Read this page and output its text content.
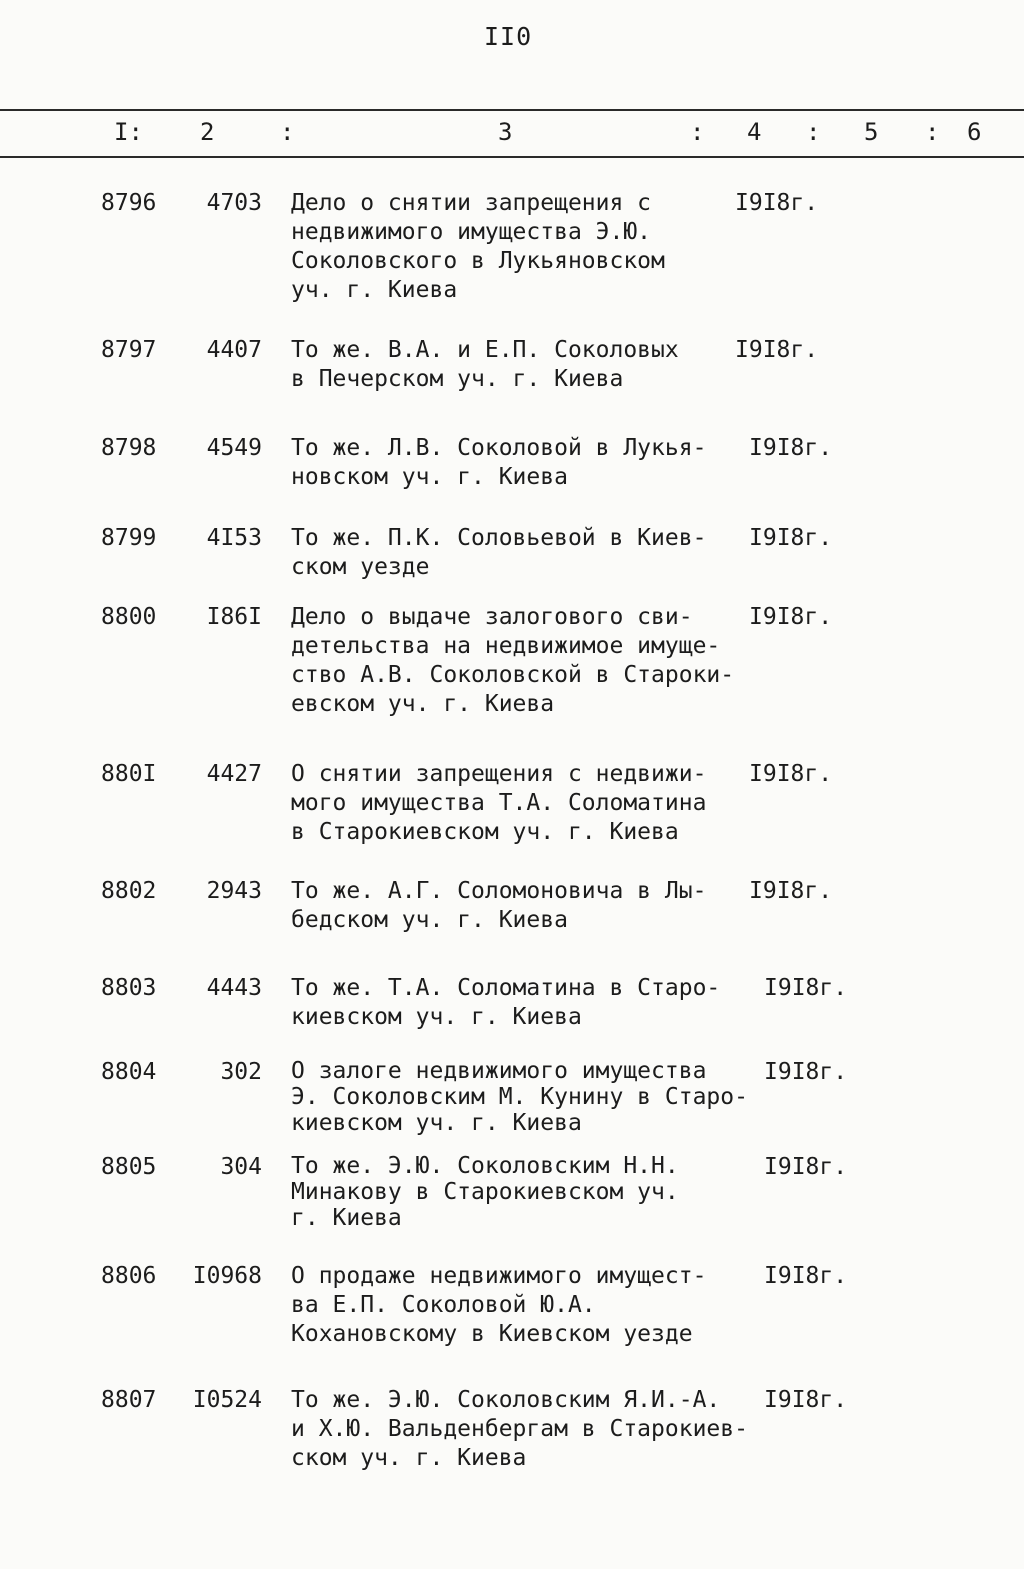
ІІ0
І: 2	:	3	: 4 : 5 : 6
8796 4703 Дело о снятии запрещения с
недвижимого имущества Э.Ю.
Соколовского в Лукьяновском
уч. г. Киева
І9І8г.
8797 4407 То же. В.А. и Е.П. Соколовых
в Печерском уч. г. Киева
І9І8г.
8798 4549 То же. Л.В. Соколовой в Лукья-
новском уч. г. Киева
І9І8г.
8799 4І53 То же. П.К. Соловьевой в Киев-
ском уезде
І9І8г.
8800 І86І Дело о выдаче залогового сви-
детельства на недвижимое имуще-
ство А.В. Соколовской в Староки-
евском уч. г. Киева
І9І8г.
880І 4427 О снятии запрещения с недвижи-
мого имущества Т.А. Соломатина
в Старокиевском уч. г. Киева
І9І8г.
8802 2943 То же. А.Г. Соломоновича в Лы-
бедском уч. г. Киева
І9І8г.
8803 4443 То же. Т.А. Соломатина в Старо-
киевском уч. г. Киева
І9І8г.
8804	302 О залоге недвижимого имущества
Э. Соколовским М. Кунину в Старо-
киевском уч. г. Киева
І9І8г.
8805	304 То же. Э.Ю. Соколовским Н.Н.
Минакову в Старокиевском уч.
г. Киева
І9І8г.
8806 І0968 О продаже недвижимого имущест-
ва Е.П. Соколовой Ю.А. Кохановскому в Киевском уезде
І9І8г.
8807 І0524 То же. Э.Ю. Соколовским Я.И.-А.
и Х.Ю. Вальденбергам в Старокиев-
ском уч. г. Киева
І9І8г.
